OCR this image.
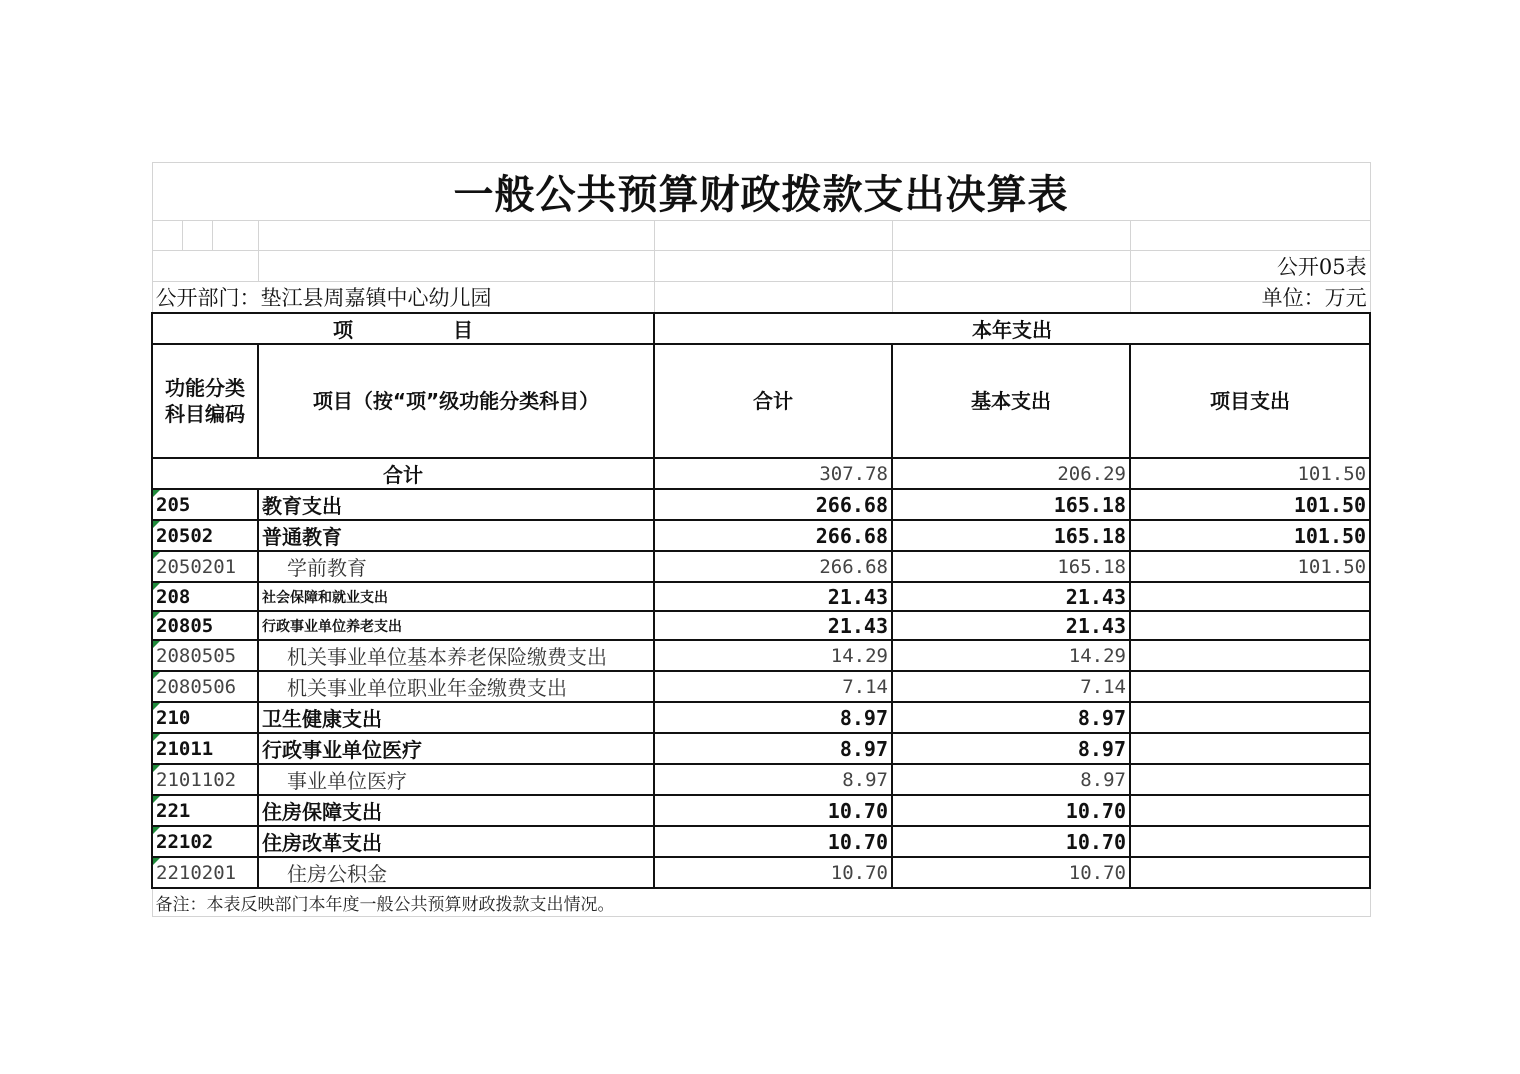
一般公共预算财政拨款支出决算表						

						公开05表
公开部门：垫江县周嘉镇中心幼儿园						单位：万元
项　　　　　目				本年支出		
功能分类科目编码			项目（按“项”级功能分类科目）	合计	基本支出	项目支出
合计				307.78	206.29	101.50
205			教育支出	266.68	165.18	101.50
20502			普通教育	266.68	165.18	101.50
2050201			学前教育	266.68	165.18	101.50
208			社会保障和就业支出	21.43	21.43	
20805			行政事业单位养老支出	21.43	21.43	
2080505			机关事业单位基本养老保险缴费支出	14.29	14.29	
2080506			机关事业单位职业年金缴费支出	7.14	7.14	
210			卫生健康支出	8.97	8.97	
21011			行政事业单位医疗	8.97	8.97	
2101102			事业单位医疗	8.97	8.97	
221			住房保障支出	10.70	10.70	
22102			住房改革支出	10.70	10.70	
2210201			住房公积金	10.70	10.70	
备注：本表反映部门本年度一般公共预算财政拨款支出情况。						
